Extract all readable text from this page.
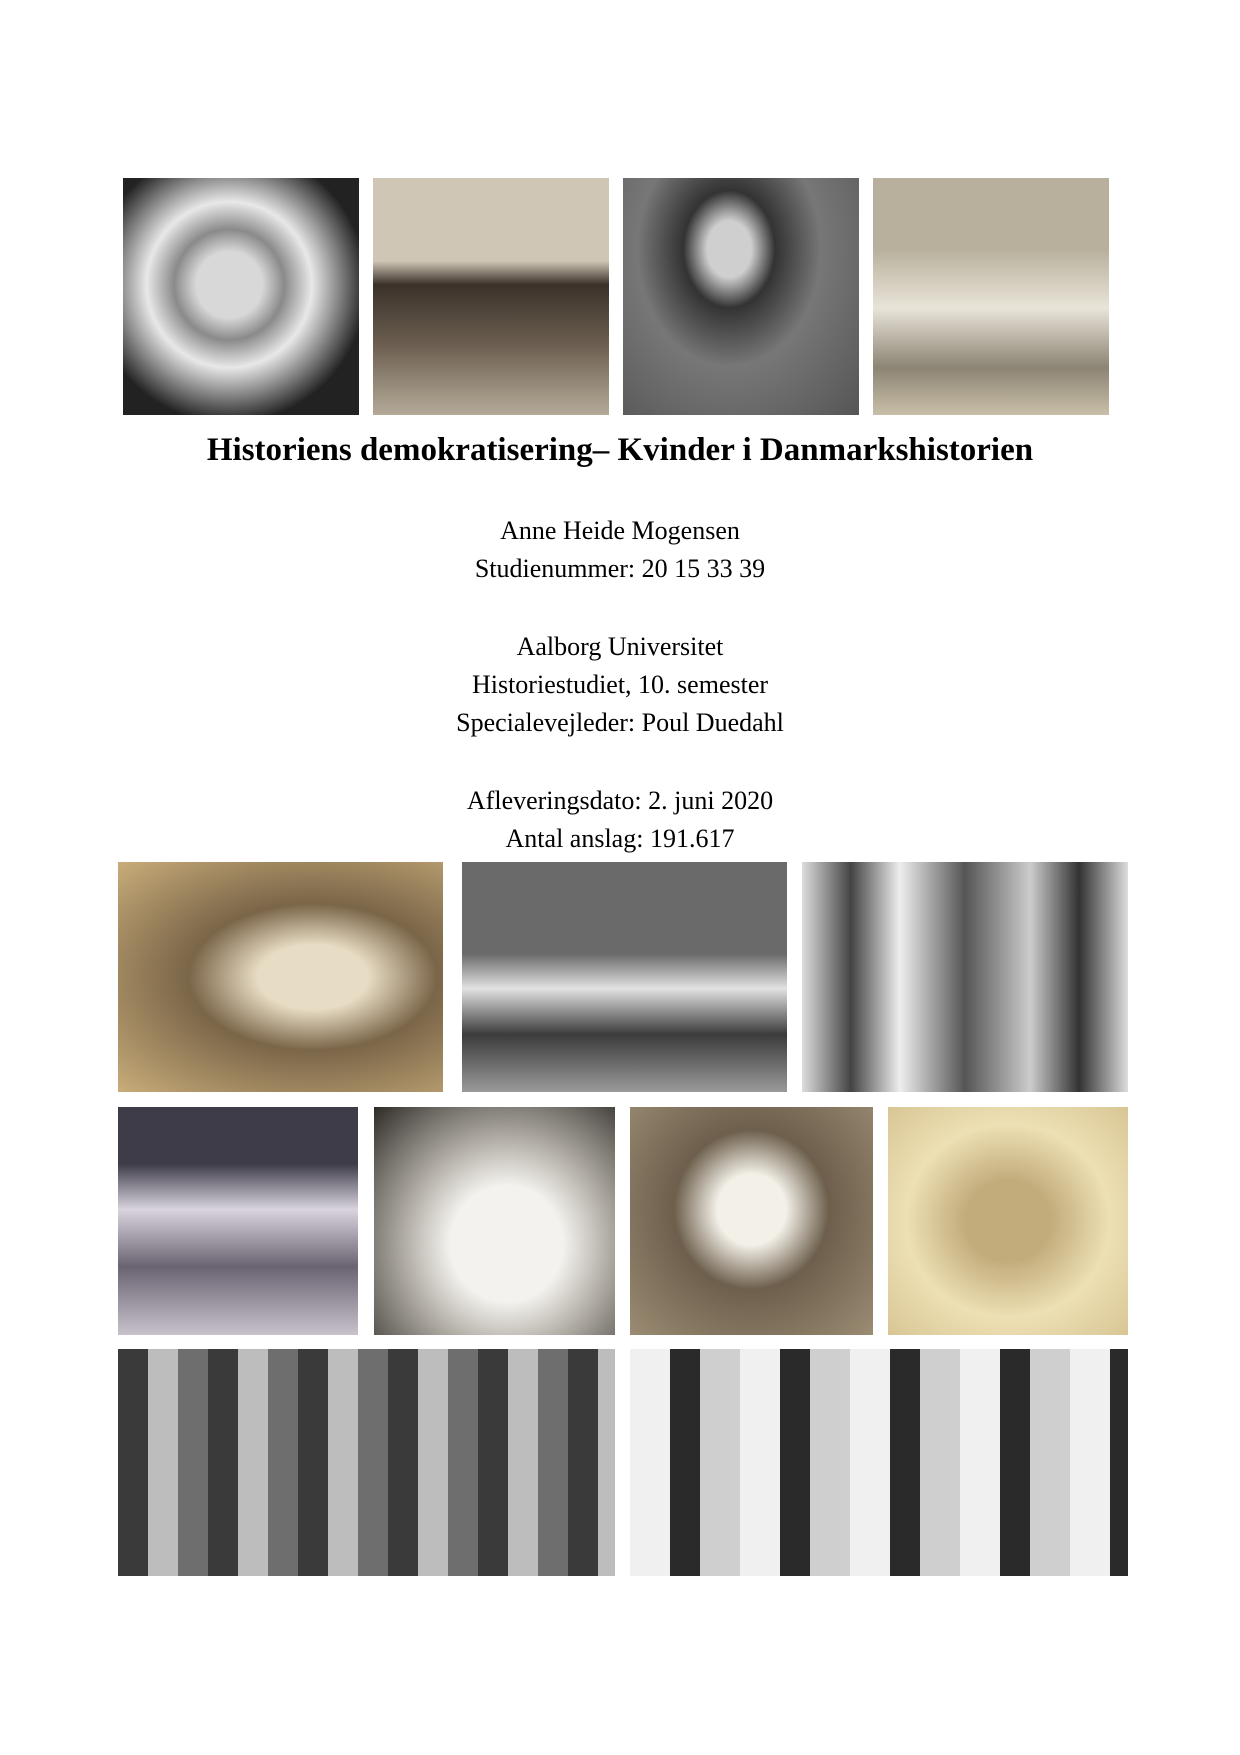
Historiens demokratisering– Kvinder i Danmarkshistorien
Anne Heide Mogensen
Studienummer: 20 15 33 39
Aalborg Universitet
Historiestudiet, 10. semester
Specialevejleder: Poul Duedahl
Afleveringsdato: 2. juni 2020
Antal anslag: 191.617
